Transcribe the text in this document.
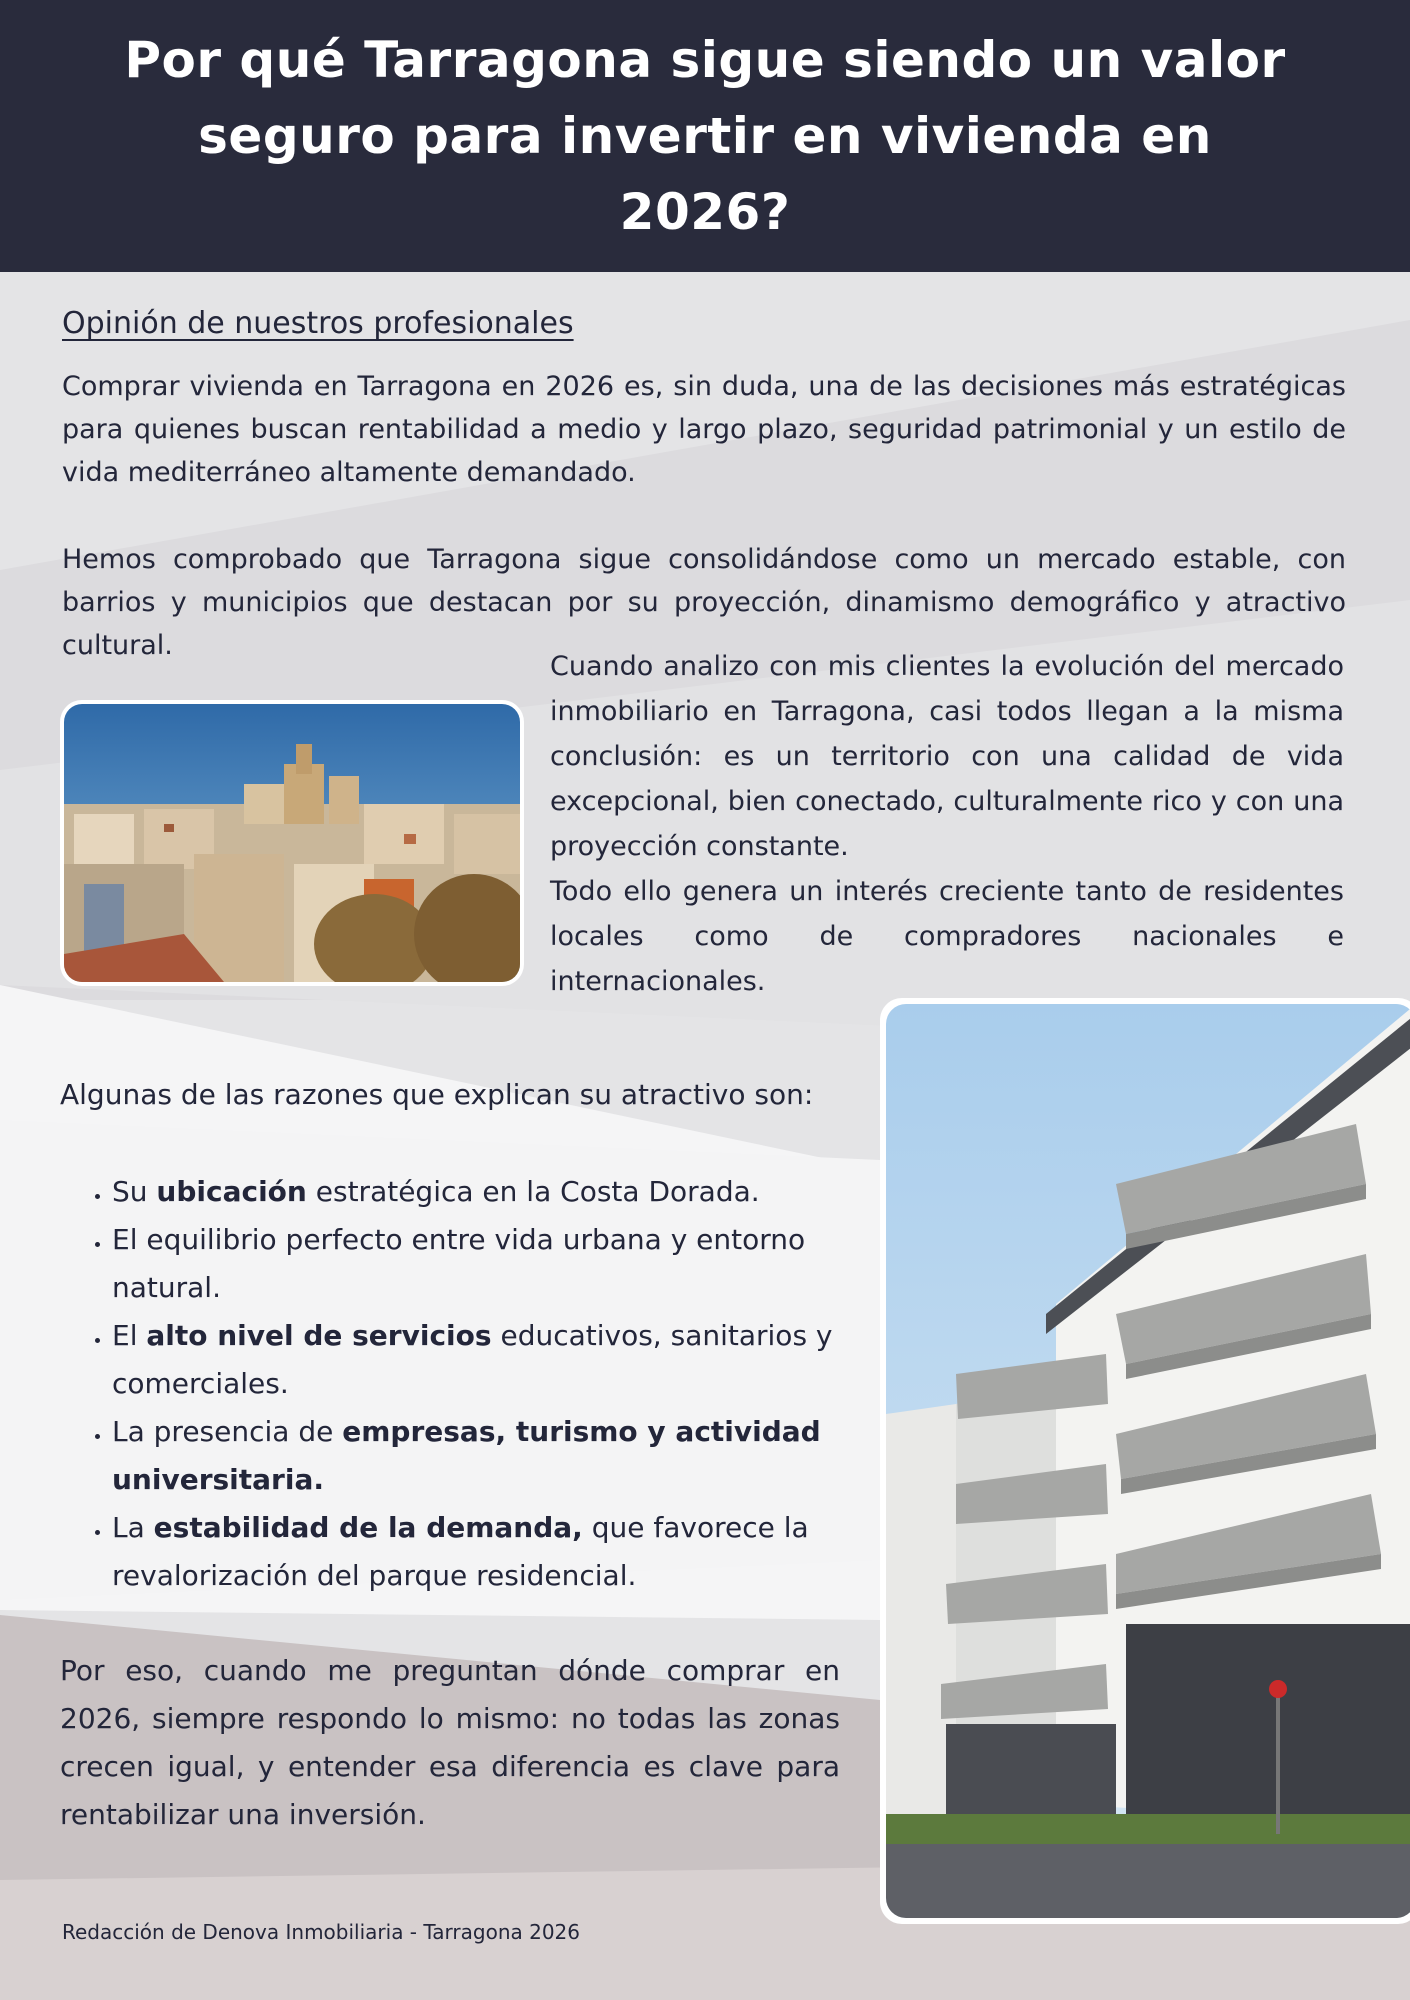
Por qué Tarragona sigue siendo un valor seguro para invertir en vivienda en 2026?
Opinión de nuestros profesionales
Comprar vivienda en Tarragona en 2026 es, sin duda, una de las decisiones más estratégicas para quienes buscan rentabilidad a medio y largo plazo, seguridad patrimonial y un estilo de vida mediterráneo altamente demandado.
Hemos comprobado que Tarragona sigue consolidándose como un mercado estable, con barrios y municipios que destacan por su proyección, dinamismo demográfico y atractivo cultural.
Cuando analizo con mis clientes la evolución del mercado inmobiliario en Tarragona, casi todos llegan a la misma conclusión: es un territorio con una calidad de vida excepcional, bien conectado, culturalmente rico y con una proyección constante.
Todo ello genera un interés creciente tanto de residentes locales como de compradores nacionales e internacionales.
Algunas de las razones que explican su atractivo son:
• Su ubicación estratégica en la Costa Dorada.
• El equilibrio perfecto entre vida urbana y entorno natural.
• El alto nivel de servicios educativos, sanitarios y comerciales.
• La presencia de empresas, turismo y actividad universitaria.
• La estabilidad de la demanda, que favorece la revalorización del parque residencial.
Por eso, cuando me preguntan dónde comprar en 2026, siempre respondo lo mismo: no todas las zonas crecen igual, y entender esa diferencia es clave para rentabilizar una inversión.
Redacción de Denova Inmobiliaria - Tarragona 2026
